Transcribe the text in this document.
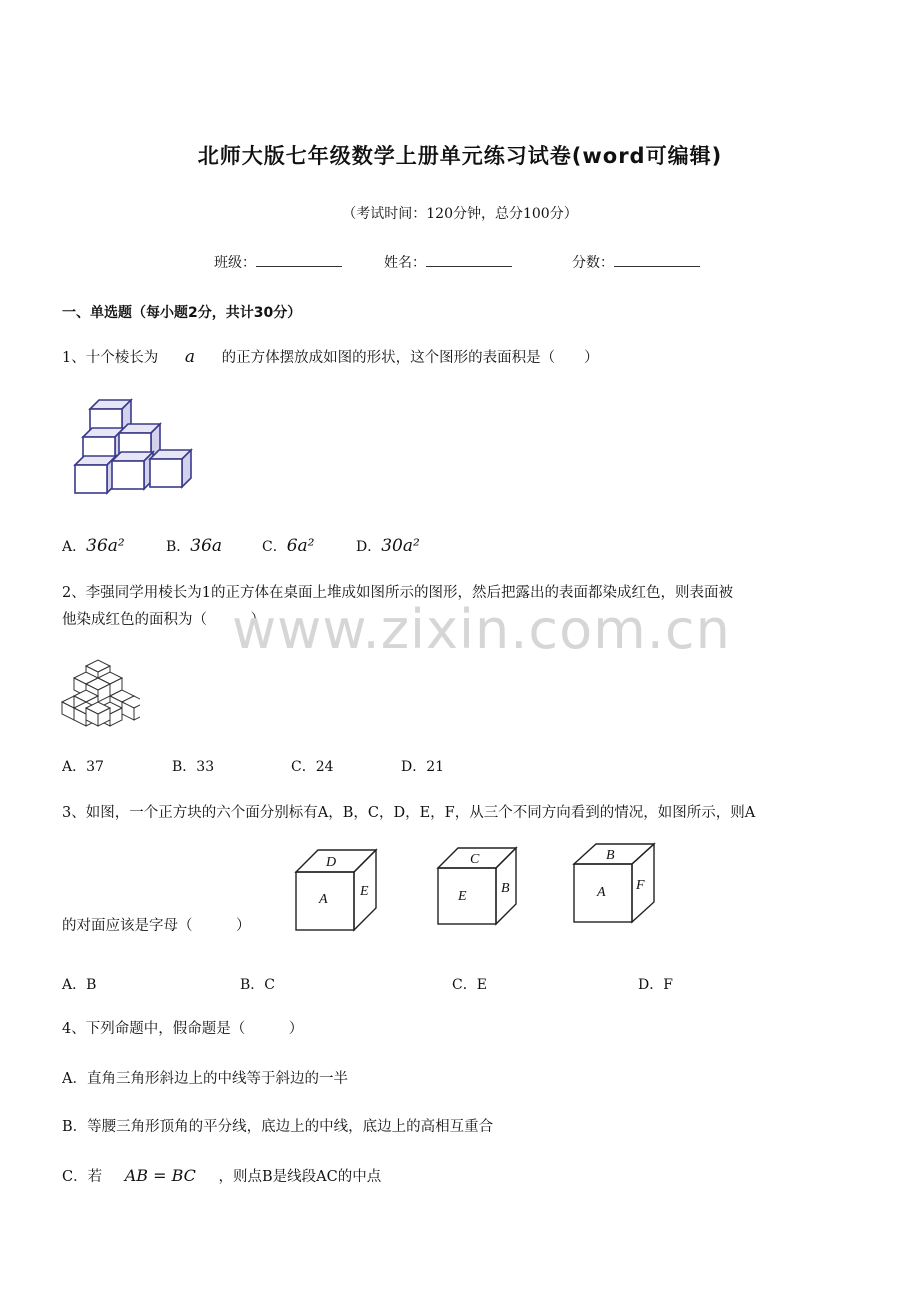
北师大版七年级数学上册单元练习试卷(word可编辑)
（考试时间：120分钟，总分100分）
班级：	姓名：	分数：
一、单选题（每小题2分，共计30分）
1、十个棱长为 a 的正方体摆放成如图的形状，这个图形的表面积是（　　）
A．36a²	B．36a	C．6a²	D．30a²
2、李强同学用棱长为1的正方体在桌面上堆成如图所示的图形，然后把露出的表面都染成红色，则表面被
他染成红色的面积为（　　　）
A．37	B．33	C．24	D．21
3、如图，一个正方块的六个面分别标有A，B，C，D，E，F，从三个不同方向看到的情况，如图所示，则A
D
A
E
C
E
B
B
A F
的对面应该是字母（　　　）
A．B	B．C	C．E	D．F
4、下列命题中，假命题是（　　　）
A．直角三角形斜边上的中线等于斜边的一半
B．等腰三角形顶角的平分线，底边上的中线，底边上的高相互重合
C．若 AB = BC ，则点B是线段AC的中点
www.zixin.com.cn
